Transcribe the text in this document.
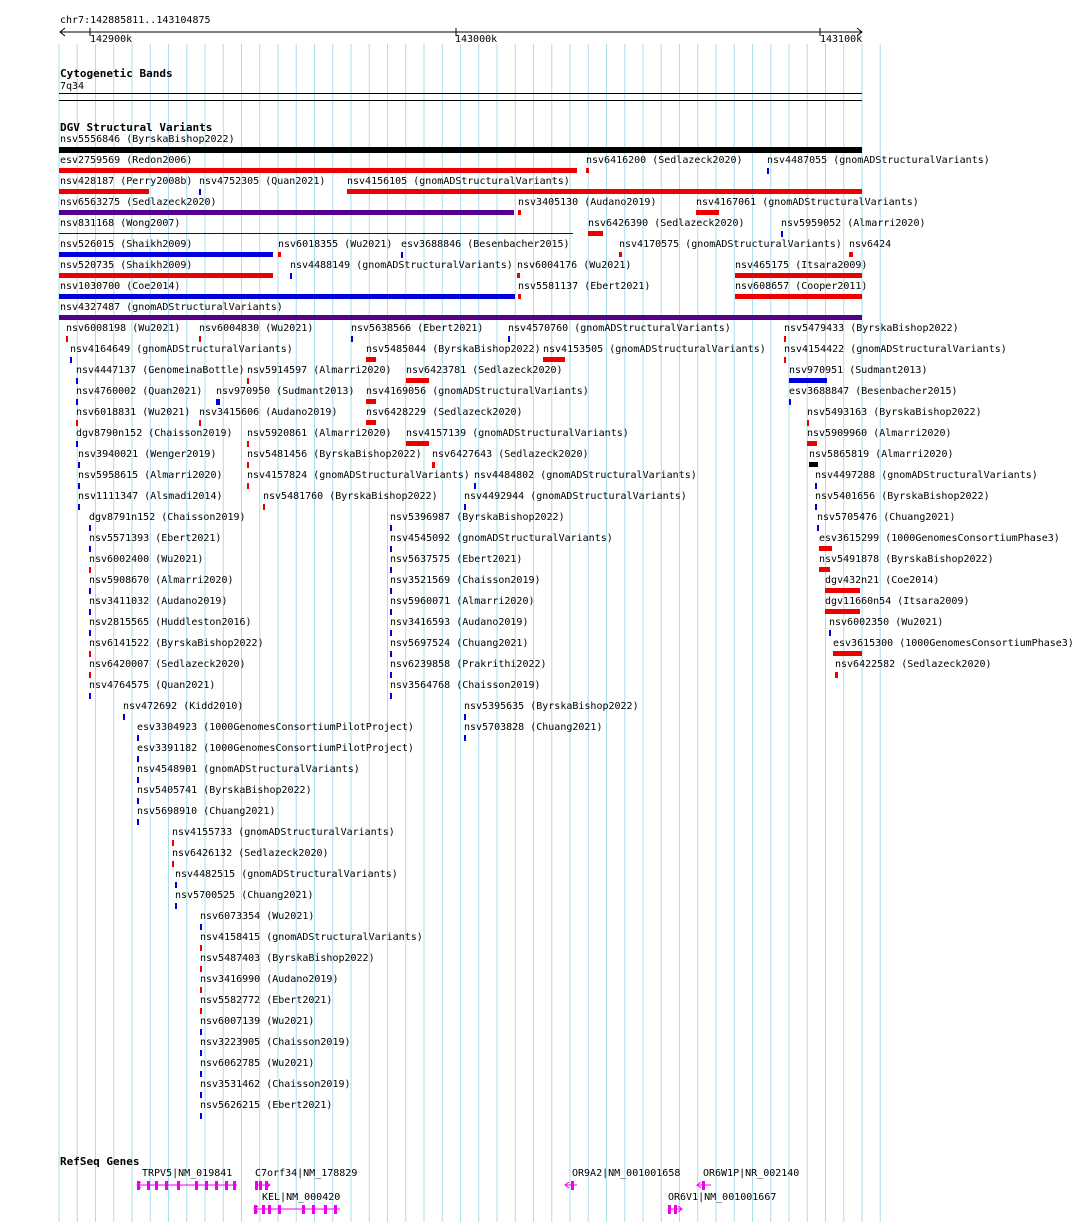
chr7:142885811..143104875
142900k	143000k	143100k
Cytogenetic Bands
7q34
DGV Structural Variants
nsv5556846 (ByrskaBishop2022)
esv2759569 (Redon2006)	nsv6416200 (Sedlazeck2020) nsv4487055 (gnomADStructuralVariants)
nsv428187 (Perry2008b) nsv4752305 (Quan2021) nsv4156105 (gnomADStructuralVariants)
nsv6563275 (Sedlazeck2020)	nsv3405130 (Audano2019)	nsv4167061 (gnomADStructuralVariants)
nsv831168 (Wong2007)	nsv6426390 (Sedlazeck2020)	nsv5959052 (Almarri2020)
nsv526015 (Shaikh2009)	nsv6018355 (Wu2021) esv3688846 (Besenbacher2015)	nsv4170575 (gnomADStructuralVariants) nsv6424
nsv520735 (Shaikh2009)	nsv4488149 (gnomADStructuralVariants) nsv6004176 (Wu2021)	nsv465175 (Itsara2009)
nsv1030700 (Coe2014)	nsv5581137 (Ebert2021)	nsv608657 (Cooper2011)
nsv4327487 (gnomADStructuralVariants)
nsv6008198 (Wu2021) nsv6004830 (Wu2021)	nsv5638566 (Ebert2021) nsv4570760 (gnomADStructuralVariants)	nsv5479433 (ByrskaBishop2022)
nsv4164649 (gnomADStructuralVariants)	nsv5485044 (ByrskaBishop2022) nsv4153505 (gnomADStructuralVariants) nsv4154422 (gnomADStructuralVariants)
nsv4447137 (GenomeinaBottle) nsv5914597 (Almarri2020) nsv6423781 (Sedlazeck2020)	nsv970951 (Sudmant2013)
nsv4760002 (Quan2021) nsv970950 (Sudmant2013) nsv4169056 (gnomADStructuralVariants)	esv3688847 (Besenbacher2015)
nsv6018831 (Wu2021) nsv3415606 (Audano2019)	nsv6428229 (Sedlazeck2020)	nsv5493163 (ByrskaBishop2022)
dgv8790n152 (Chaisson2019) nsv5920861 (Almarri2020) nsv4157139 (gnomADStructuralVariants)	nsv5909960 (Almarri2020)
nsv3940021 (Wenger2019)	nsv5481456 (ByrskaBishop2022) nsv6427643 (Sedlazeck2020)	nsv5865819 (Almarri2020)
nsv5958615 (Almarri2020) nsv4157824 (gnomADStructuralVariants) nsv4484802 (gnomADStructuralVariants)	nsv4497288 (gnomADStructuralVariants)
nsv1111347 (Alsmadi2014)	nsv5481760 (ByrskaBishop2022)	nsv4492944 (gnomADStructuralVariants)	nsv5401656 (ByrskaBishop2022)
dgv8791n152 (Chaisson2019)	nsv5396987 (ByrskaBishop2022)	nsv5705476 (Chuang2021)
nsv5571393 (Ebert2021)	nsv4545092 (gnomADStructuralVariants)	esv3615299 (1000GenomesConsortiumPhase3)
nsv6002400 (Wu2021)	nsv5637575 (Ebert2021)	nsv5491878 (ByrskaBishop2022)
nsv5908670 (Almarri2020)	nsv3521569 (Chaisson2019)	dgv432n21 (Coe2014)
nsv3411032 (Audano2019)	nsv5960071 (Almarri2020)	dgv11660n54 (Itsara2009)
nsv2815565 (Huddleston2016)	nsv3416593 (Audano2019)	nsv6002350 (Wu2021)
nsv6141522 (ByrskaBishop2022)	nsv5697524 (Chuang2021)	esv3615300 (1000GenomesConsortiumPhase3)
nsv6420007 (Sedlazeck2020)	nsv6239858 (Prakrithi2022)	nsv6422582 (Sedlazeck2020)
nsv4764575 (Quan2021)	nsv3564768 (Chaisson2019)
nsv472692 (Kidd2010)	nsv5395635 (ByrskaBishop2022)
esv3304923 (1000GenomesConsortiumPilotProject)	nsv5703828 (Chuang2021)
esv3391182 (1000GenomesConsortiumPilotProject)
nsv4548901 (gnomADStructuralVariants)
nsv5405741 (ByrskaBishop2022)
nsv5698910 (Chuang2021)
nsv4155733 (gnomADStructuralVariants)
nsv6426132 (Sedlazeck2020)
nsv4482515 (gnomADStructuralVariants)
nsv5700525 (Chuang2021)
nsv6073354 (Wu2021)
nsv4158415 (gnomADStructuralVariants)
nsv5487403 (ByrskaBishop2022)
nsv3416990 (Audano2019)
nsv5582772 (Ebert2021)
nsv6007139 (Wu2021)
nsv3223905 (Chaisson2019)
nsv6062785 (Wu2021)
nsv3531462 (Chaisson2019)
nsv5626215 (Ebert2021)
RefSeq Genes
TRPV5|NM_019841 C7orf34|NM_178829
KEL|NM_000420
OR9A2|NM_001001658 OR6W1P|NR_002140
OR6V1|NM_001001667
